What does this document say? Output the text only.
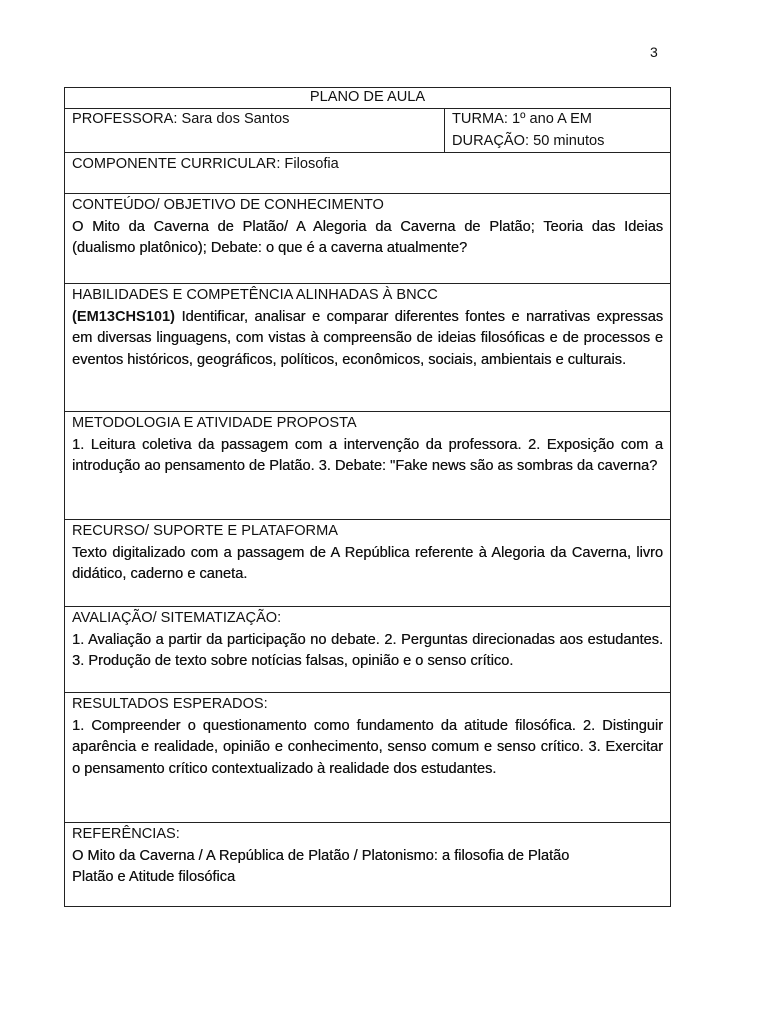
3
PLANO DE AULA

PROFESSORA: Sara dos Santos	TURMA: 1º ano A EM
DURAÇÃO: 50 minutos

COMPONENTE CURRICULAR: Filosofia

CONTEÚDO/ OBJETIVO DE CONHECIMENTO
O Mito da Caverna de Platão/ A Alegoria da Caverna de Platão; Teoria das Ideias (dualismo platônico); Debate: o que é a caverna atualmente?

HABILIDADES E COMPETÊNCIA ALINHADAS À BNCC
(EM13CHS101) Identificar, analisar e comparar diferentes fontes e narrativas expressas em diversas linguagens, com vistas à compreensão de ideias filosóficas e de processos e eventos históricos, geográficos, políticos, econômicos, sociais, ambientais e culturais.

METODOLOGIA E ATIVIDADE PROPOSTA
1. Leitura coletiva da passagem com a intervenção da professora. 2. Exposição com a introdução ao pensamento de Platão. 3. Debate: "Fake news são as sombras da caverna?

RECURSO/ SUPORTE E PLATAFORMA
Texto digitalizado com a passagem de A República referente à Alegoria da Caverna, livro didático, caderno e caneta.

AVALIAÇÃO/ SITEMATIZAÇÃO:
1. Avaliação a partir da participação no debate. 2. Perguntas direcionadas aos estudantes. 3. Produção de texto sobre notícias falsas, opinião e o senso crítico.

RESULTADOS ESPERADOS:
1. Compreender o questionamento como fundamento da atitude filosófica. 2. Distinguir aparência e realidade, opinião e conhecimento, senso comum e senso crítico. 3. Exercitar o pensamento crítico contextualizado à realidade dos estudantes.

REFERÊNCIAS:
O Mito da Caverna / A República de Platão / Platonismo: a filosofia de Platão
Platão e Atitude filosófica
